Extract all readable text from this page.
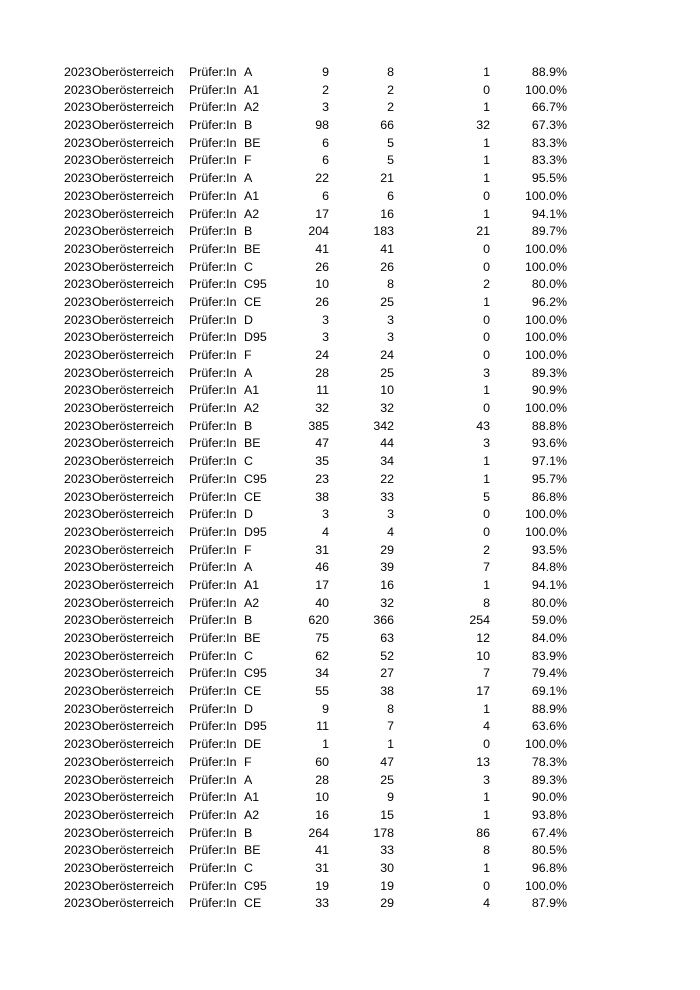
2023 Oberösterreich Prüfer:In A	9	8	1	88.9%
2023 Oberösterreich Prüfer:In A1	2	2	0	100.0%
2023 Oberösterreich Prüfer:In A2	3	2	1	66.7%
2023 Oberösterreich Prüfer:In B	98	66	32	67.3%
2023 Oberösterreich Prüfer:In BE	6	5	1	83.3%
2023 Oberösterreich Prüfer:In F	6	5	1	83.3%
2023 Oberösterreich Prüfer:In A	22	21	1	95.5%
2023 Oberösterreich Prüfer:In A1	6	6	0	100.0%
2023 Oberösterreich Prüfer:In A2	17	16	1	94.1%
2023 Oberösterreich Prüfer:In B	204	183	21	89.7%
2023 Oberösterreich Prüfer:In BE	41	41	0	100.0%
2023 Oberösterreich Prüfer:In C	26	26	0	100.0%
2023 Oberösterreich Prüfer:In C95	10	8	2	80.0%
2023 Oberösterreich Prüfer:In CE	26	25	1	96.2%
2023 Oberösterreich Prüfer:In D	3	3	0	100.0%
2023 Oberösterreich Prüfer:In D95	3	3	0	100.0%
2023 Oberösterreich Prüfer:In F	24	24	0	100.0%
2023 Oberösterreich Prüfer:In A	28	25	3	89.3%
2023 Oberösterreich Prüfer:In A1	11	10	1	90.9%
2023 Oberösterreich Prüfer:In A2	32	32	0	100.0%
2023 Oberösterreich Prüfer:In B	385	342	43	88.8%
2023 Oberösterreich Prüfer:In BE	47	44	3	93.6%
2023 Oberösterreich Prüfer:In C	35	34	1	97.1%
2023 Oberösterreich Prüfer:In C95	23	22	1	95.7%
2023 Oberösterreich Prüfer:In CE	38	33	5	86.8%
2023 Oberösterreich Prüfer:In D	3	3	0	100.0%
2023 Oberösterreich Prüfer:In D95	4	4	0	100.0%
2023 Oberösterreich Prüfer:In F	31	29	2	93.5%
2023 Oberösterreich Prüfer:In A	46	39	7	84.8%
2023 Oberösterreich Prüfer:In A1	17	16	1	94.1%
2023 Oberösterreich Prüfer:In A2	40	32	8	80.0%
2023 Oberösterreich Prüfer:In B	620	366	254	59.0%
2023 Oberösterreich Prüfer:In BE	75	63	12	84.0%
2023 Oberösterreich Prüfer:In C	62	52	10	83.9%
2023 Oberösterreich Prüfer:In C95	34	27	7	79.4%
2023 Oberösterreich Prüfer:In CE	55	38	17	69.1%
2023 Oberösterreich Prüfer:In D	9	8	1	88.9%
2023 Oberösterreich Prüfer:In D95	11	7	4	63.6%
2023 Oberösterreich Prüfer:In DE	1	1	0	100.0%
2023 Oberösterreich Prüfer:In F	60	47	13	78.3%
2023 Oberösterreich Prüfer:In A	28	25	3	89.3%
2023 Oberösterreich Prüfer:In A1	10	9	1	90.0%
2023 Oberösterreich Prüfer:In A2	16	15	1	93.8%
2023 Oberösterreich Prüfer:In B	264	178	86	67.4%
2023 Oberösterreich Prüfer:In BE	41	33	8	80.5%
2023 Oberösterreich Prüfer:In C	31	30	1	96.8%
2023 Oberösterreich Prüfer:In C95	19	19	0	100.0%
2023 Oberösterreich Prüfer:In CE	33	29	4	87.9%
